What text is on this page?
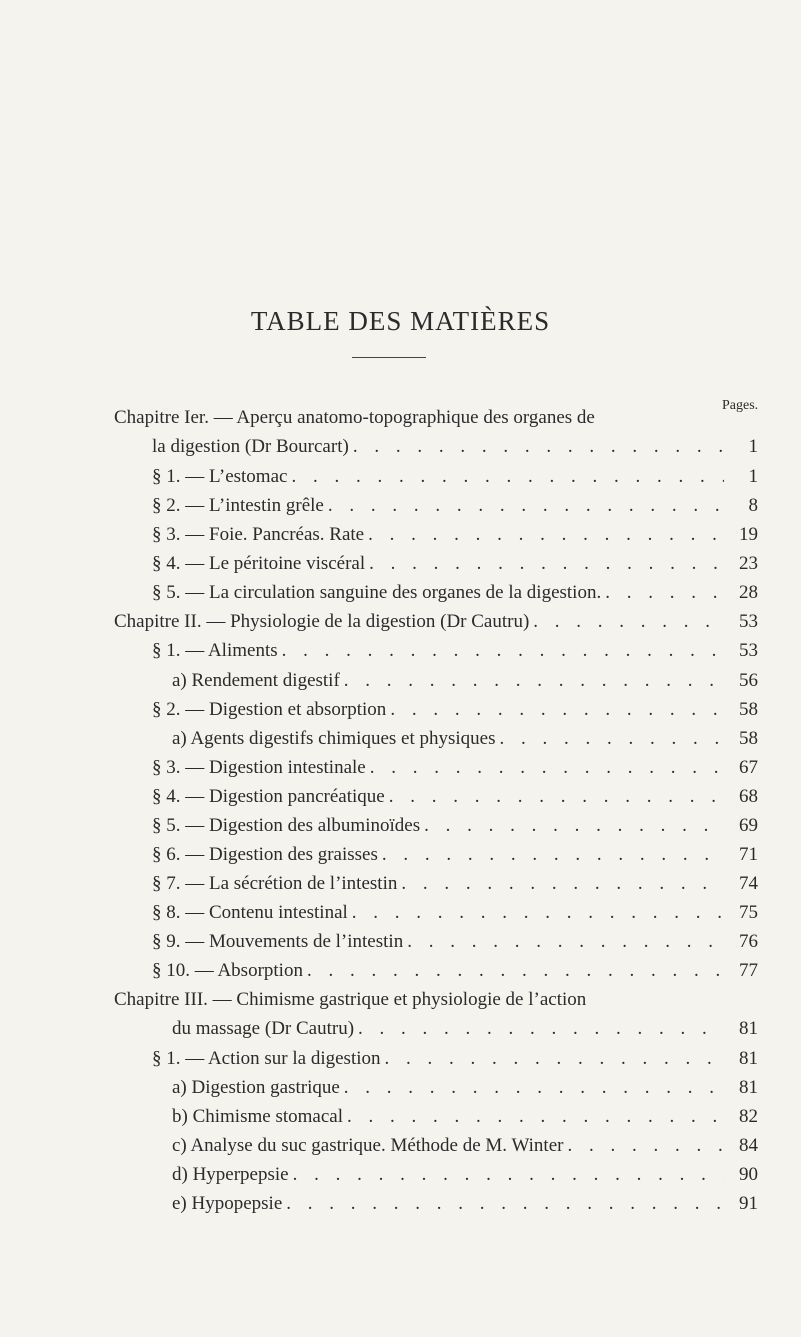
TABLE DES MATIÈRES
Pages.
Chapitre Ier. — Aperçu anatomo-topographique des organes de
la digestion (Dr Bourcart) . . .	1
§ 1. — L’estomac . . .	1
§ 2. — L’intestin grêle . . .	8
§ 3. — Foie. Pancréas. Rate . . .	19
§ 4. — Le péritoine viscéral . . .	23
§ 5. — La circulation sanguine des organes de la digestion. . . .	28
Chapitre II. — Physiologie de la digestion (Dr Cautru) . . .	53
§ 1. — Aliments . . .	53
a) Rendement digestif . . .	56
§ 2. — Digestion et absorption . . .	58
a) Agents digestifs chimiques et physiques . . .	58
§ 3. — Digestion intestinale . . .	67
§ 4. — Digestion pancréatique . . .	68
§ 5. — Digestion des albuminoïdes . . .	69
§ 6. — Digestion des graisses . . .	71
§ 7. — La sécrétion de l’intestin . . .	74
§ 8. — Contenu intestinal . . .	75
§ 9. — Mouvements de l’intestin . . .	76
§ 10. — Absorption . . .	77
Chapitre III. — Chimisme gastrique et physiologie de l’action
du massage (Dr Cautru) . . .	81
§ 1. — Action sur la digestion . . .	81
a) Digestion gastrique . . .	81
b) Chimisme stomacal . . .	82
c) Analyse du suc gastrique. Méthode de M. Winter . . .	84
d) Hyperpepsie . . .	90
e) Hypopepsie . . .	91
